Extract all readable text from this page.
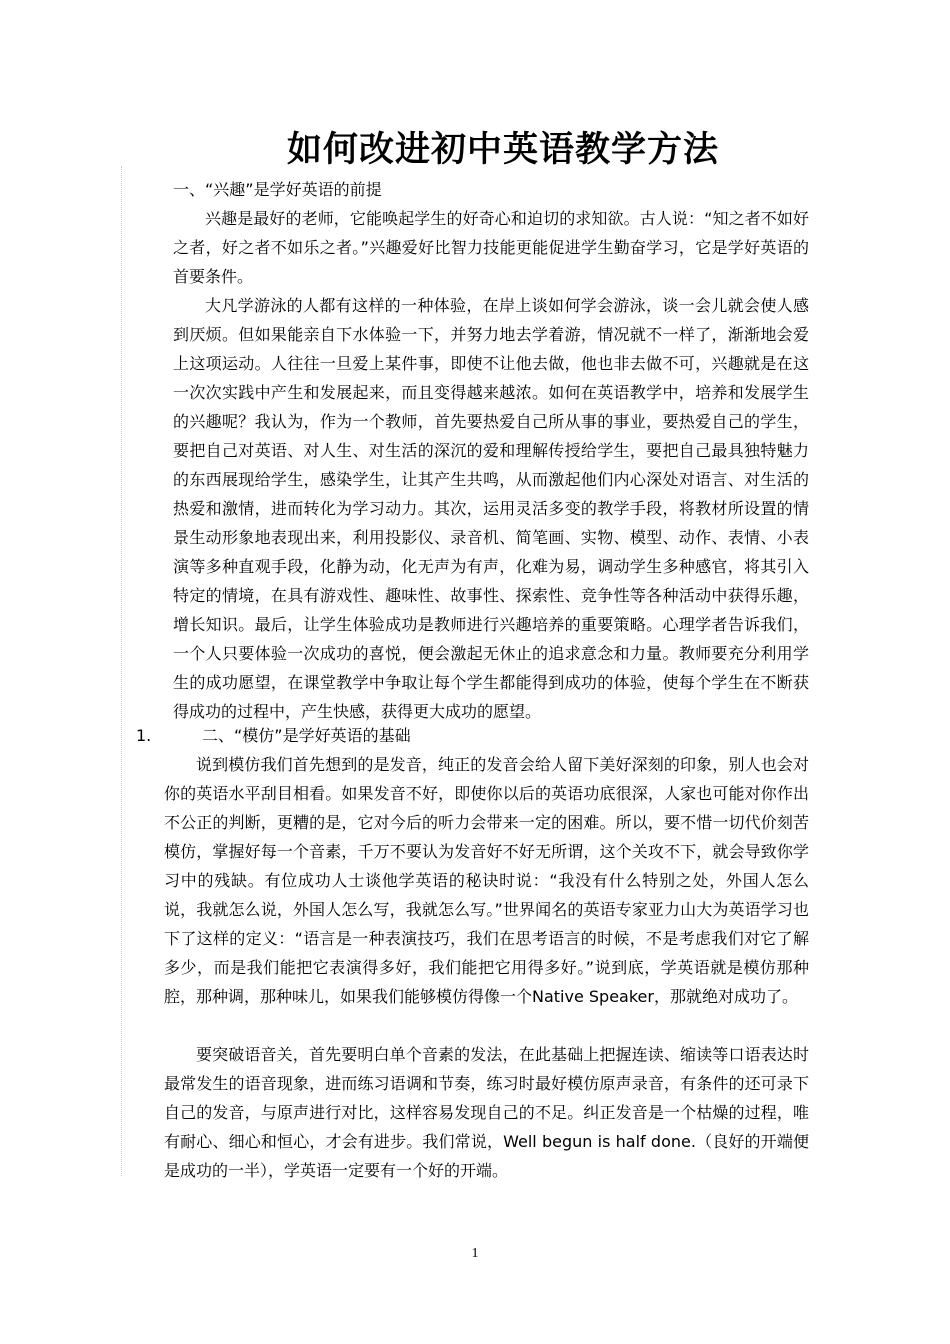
如何改进初中英语教学方法
一、“兴趣”是学好英语的前提

兴趣是最好的老师，它能唤起学生的好奇心和迫切的求知欲。古人说：“知之者不如好之者，好之者不如乐之者。”兴趣爱好比智力技能更能促进学生勤奋学习，它是学好英语的首要条件。

大凡学游泳的人都有这样的一种体验，在岸上谈如何学会游泳，谈一会儿就会使人感到厌烦。但如果能亲自下水体验一下，并努力地去学着游，情况就不一样了，渐渐地会爱上这项运动。人往往一旦爱上某件事，即使不让他去做，他也非去做不可，兴趣就是在这一次次实践中产生和发展起来，而且变得越来越浓。如何在英语教学中，培养和发展学生的兴趣呢？我认为，作为一个教师，首先要热爱自己所从事的事业，要热爱自己的学生，要把自己对英语、对人生、对生活的深沉的爱和理解传授给学生，要把自己最具独特魅力的东西展现给学生，感染学生，让其产生共鸣，从而激起他们内心深处对语言、对生活的热爱和激情，进而转化为学习动力。其次，运用灵活多变的教学手段，将教材所设置的情景生动形象地表现出来，利用投影仪、录音机、简笔画、实物、模型、动作、表情、小表演等多种直观手段，化静为动，化无声为有声，化难为易，调动学生多种感官，将其引入特定的情境，在具有游戏性、趣味性、故事性、探索性、竞争性等各种活动中获得乐趣，增长知识。最后，让学生体验成功是教师进行兴趣培养的重要策略。心理学者告诉我们，一个人只要体验一次成功的喜悦，便会激起无休止的追求意念和力量。教师要充分利用学生的成功愿望，在课堂教学中争取让每个学生都能得到成功的体验，使每个学生在不断获得成功的过程中，产生快感，获得更大成功的愿望。

1.	二、“模仿”是学好英语的基础

说到模仿我们首先想到的是发音，纯正的发音会给人留下美好深刻的印象，别人也会对你的英语水平刮目相看。如果发音不好，即使你以后的英语功底很深，人家也可能对你作出不公正的判断，更糟的是，它对今后的听力会带来一定的困难。所以，要不惜一切代价刻苦模仿，掌握好每一个音素，千万不要认为发音好不好无所谓，这个关攻不下，就会导致你学习中的残缺。有位成功人士谈他学英语的秘诀时说：“我没有什么特别之处，外国人怎么说，我就怎么说，外国人怎么写，我就怎么写。”世界闻名的英语专家亚力山大为英语学习也下了这样的定义：“语言是一种表演技巧，我们在思考语言的时候，不是考虑我们对它了解多少，而是我们能把它表演得多好，我们能把它用得多好。”说到底，学英语就是模仿那种腔，那种调，那种味儿，如果我们能够模仿得像一个Native Speaker，那就绝对成功了。

要突破语音关，首先要明白单个音素的发法，在此基础上把握连读、缩读等口语表达时最常发生的语音现象，进而练习语调和节奏，练习时最好模仿原声录音，有条件的还可录下自己的发音，与原声进行对比，这样容易发现自己的不足。纠正发音是一个枯燥的过程，唯有耐心、细心和恒心，才会有进步。我们常说，Well begun is half done.（良好的开端便是成功的一半），学英语一定要有一个好的开端。

1
